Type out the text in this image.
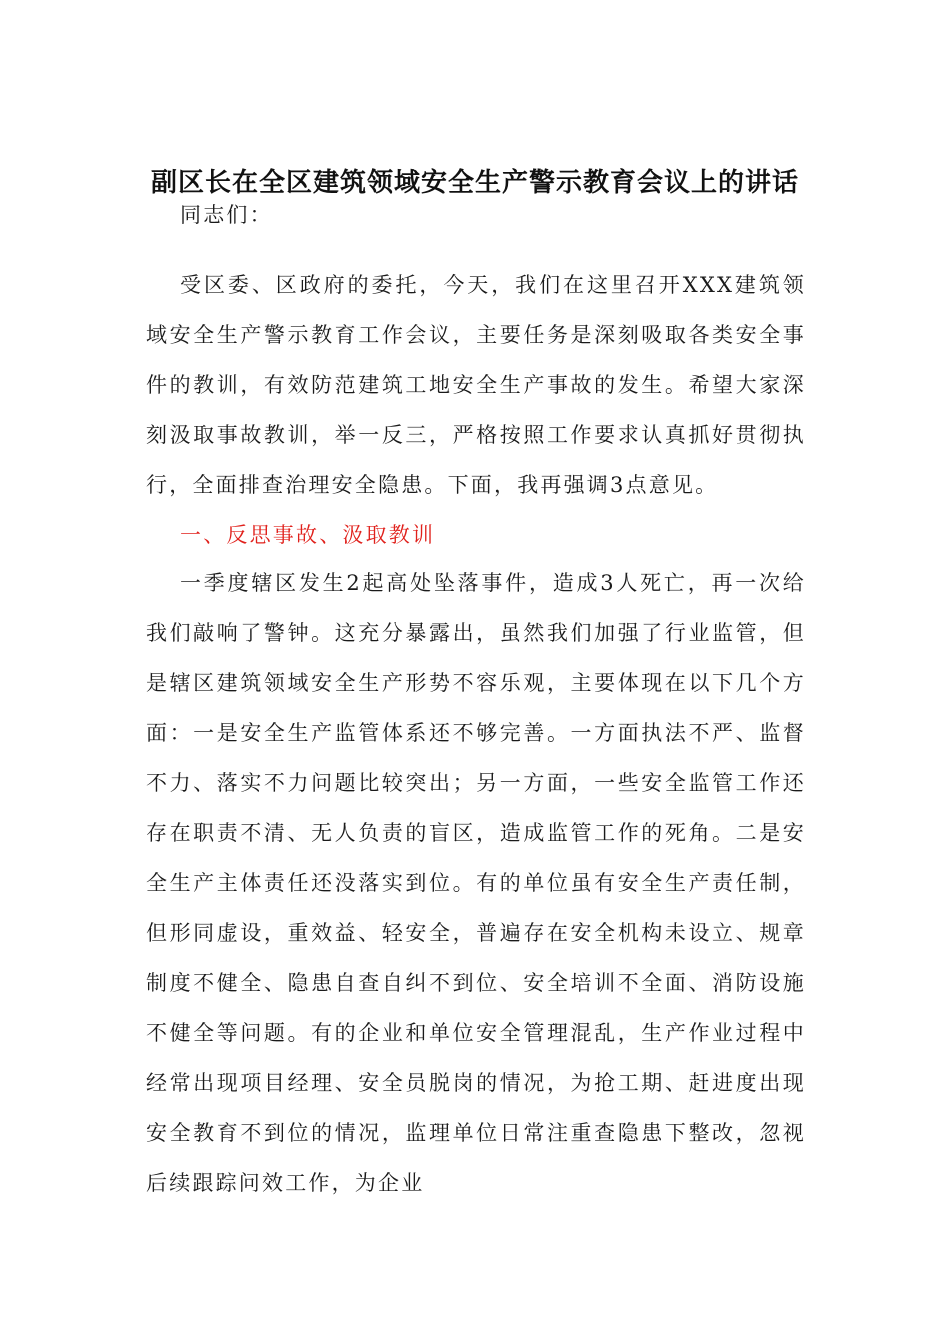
副区长在全区建筑领域安全生产警示教育会议上的讲话

同志们：

受区委、区政府的委托，今天，我们在这里召开XXX建筑领域安全生产警示教育工作会议，主要任务是深刻吸取各类安全事件的教训，有效防范建筑工地安全生产事故的发生。希望大家深刻汲取事故教训，举一反三，严格按照工作要求认真抓好贯彻执行，全面排查治理安全隐患。下面，我再强调3点意见。

一、反思事故、汲取教训

一季度辖区发生2起高处坠落事件，造成3人死亡，再一次给我们敲响了警钟。这充分暴露出，虽然我们加强了行业监管，但是辖区建筑领域安全生产形势不容乐观，主要体现在以下几个方面：一是安全生产监管体系还不够完善。一方面执法不严、监督不力、落实不力问题比较突出；另一方面，一些安全监管工作还存在职责不清、无人负责的盲区，造成监管工作的死角。二是安全生产主体责任还没落实到位。有的单位虽有安全生产责任制，但形同虚设，重效益、轻安全，普遍存在安全机构未设立、规章制度不健全、隐患自查自纠不到位、安全培训不全面、消防设施不健全等问题。有的企业和单位安全管理混乱，生产作业过程中经常出现项目经理、安全员脱岗的情况，为抢工期、赶进度出现安全教育不到位的情况，监理单位日常注重查隐患下整改，忽视后续跟踪问效工作，为企业
